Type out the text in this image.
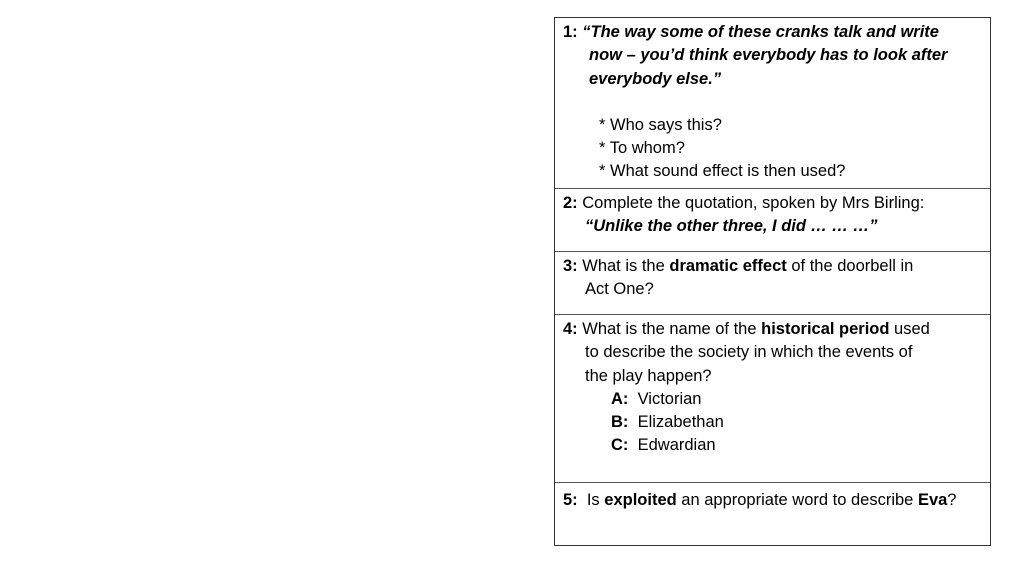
1: “The way some of these cranks talk and write
now – you’d think everybody has to look after
everybody else.”
* Who says this?
* To whom?
* What sound effect is then used?
2: Complete the quotation, spoken by Mrs Birling:
“Unlike the other three, I did … … …”
3: What is the dramatic effect of the doorbell in
Act One?
4: What is the name of the historical period used
to describe the society in which the events of
the play happen?
A:  Victorian
B:  Elizabethan
C:  Edwardian
5:  Is exploited an appropriate word to describe Eva?
